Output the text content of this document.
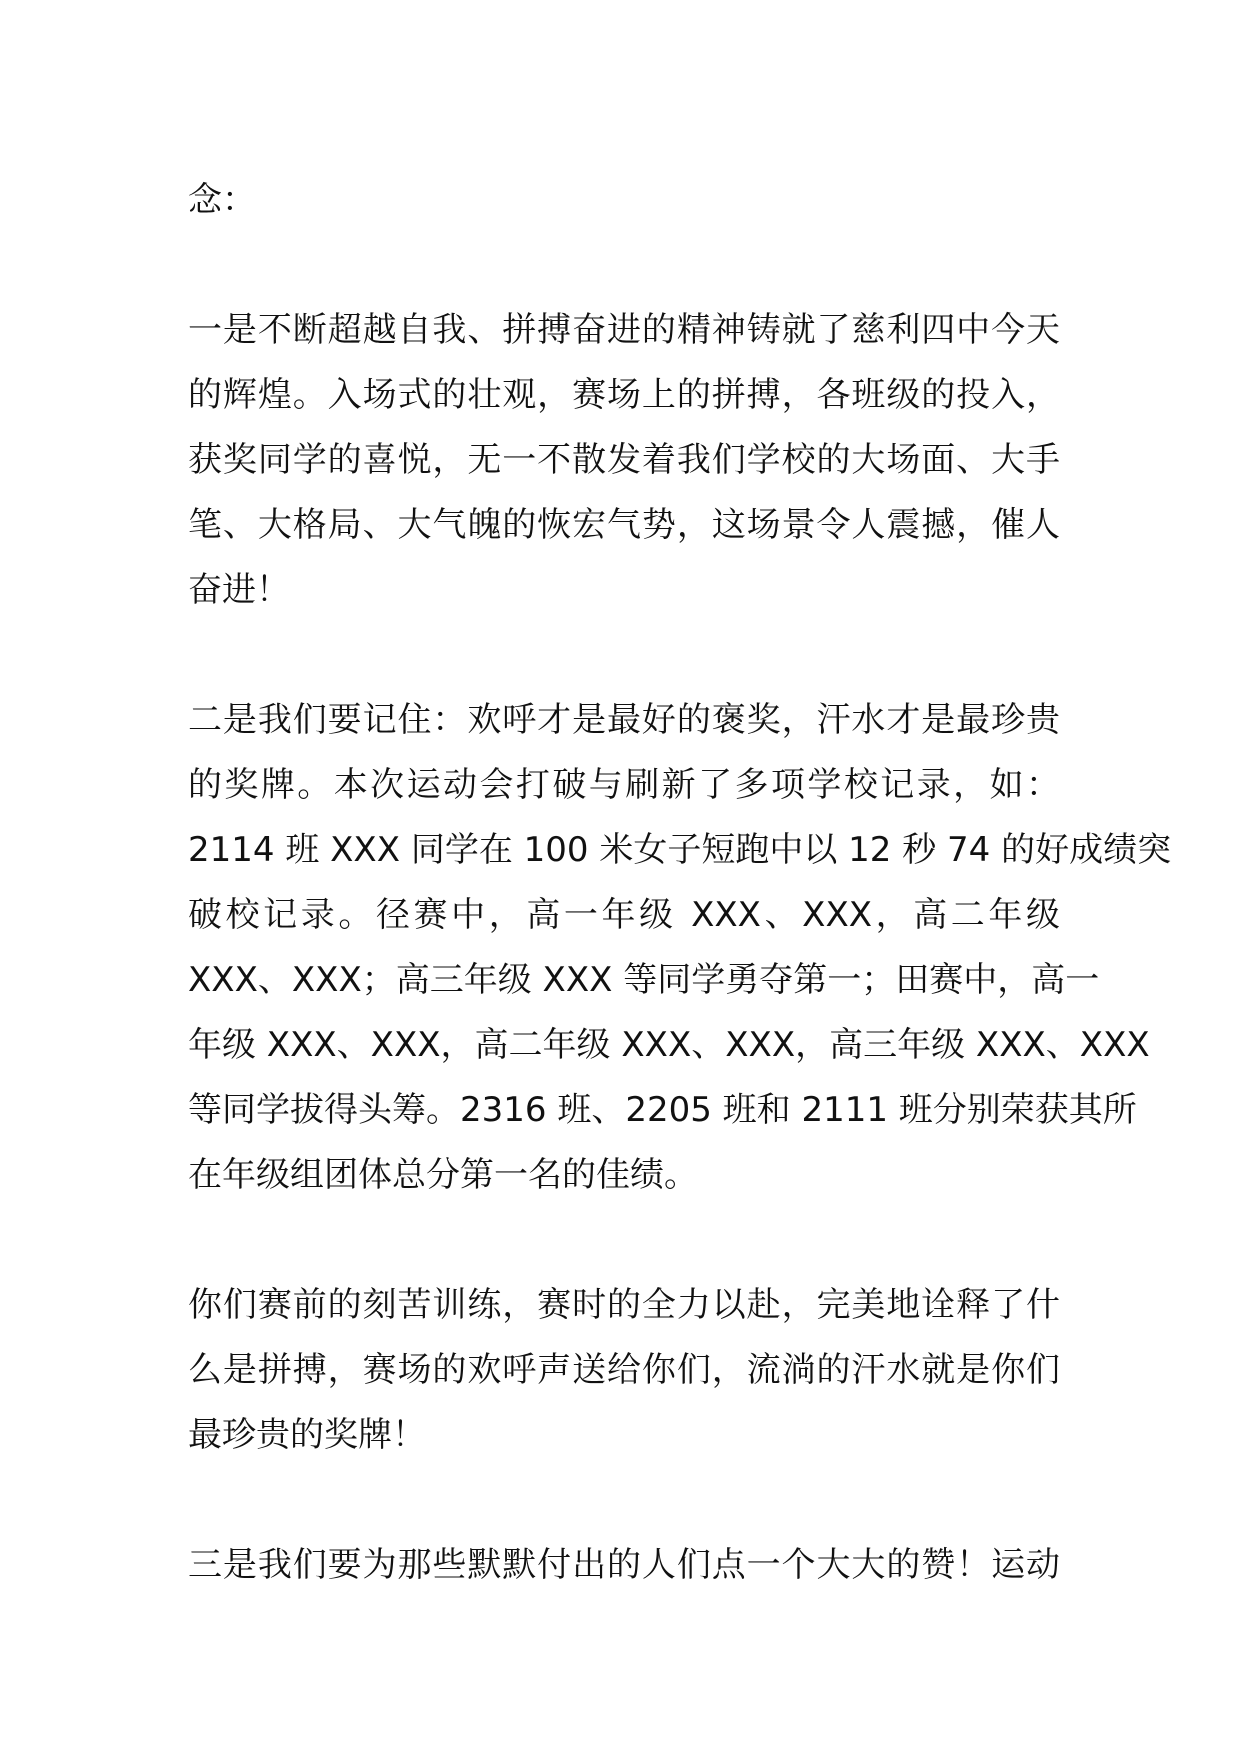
念：
一是不断超越自我、拼搏奋进的精神铸就了慈利四中今天
的辉煌。入场式的壮观，赛场上的拼搏，各班级的投入，
获奖同学的喜悦，无一不散发着我们学校的大场面、大手
笔、大格局、大气魄的恢宏气势，这场景令人震撼，催人
奋进！
二是我们要记住：欢呼才是最好的褒奖，汗水才是最珍贵
的奖牌。本次运动会打破与刷新了多项学校记录，如：
2114 班 XXX 同学在 100 米女子短跑中以 12 秒 74 的好成绩突
破校记录。径赛中，高一年级 XXX、XXX，高二年级
XXX、XXX；高三年级 XXX 等同学勇夺第一；田赛中，高一
年级 XXX、XXX，高二年级 XXX、XXX，高三年级 XXX、XXX
等同学拔得头筹。2316 班、2205 班和 2111 班分别荣获其所
在年级组团体总分第一名的佳绩。
你们赛前的刻苦训练，赛时的全力以赴，完美地诠释了什
么是拼搏，赛场的欢呼声送给你们，流淌的汗水就是你们
最珍贵的奖牌！
三是我们要为那些默默付出的人们点一个大大的赞！运动
